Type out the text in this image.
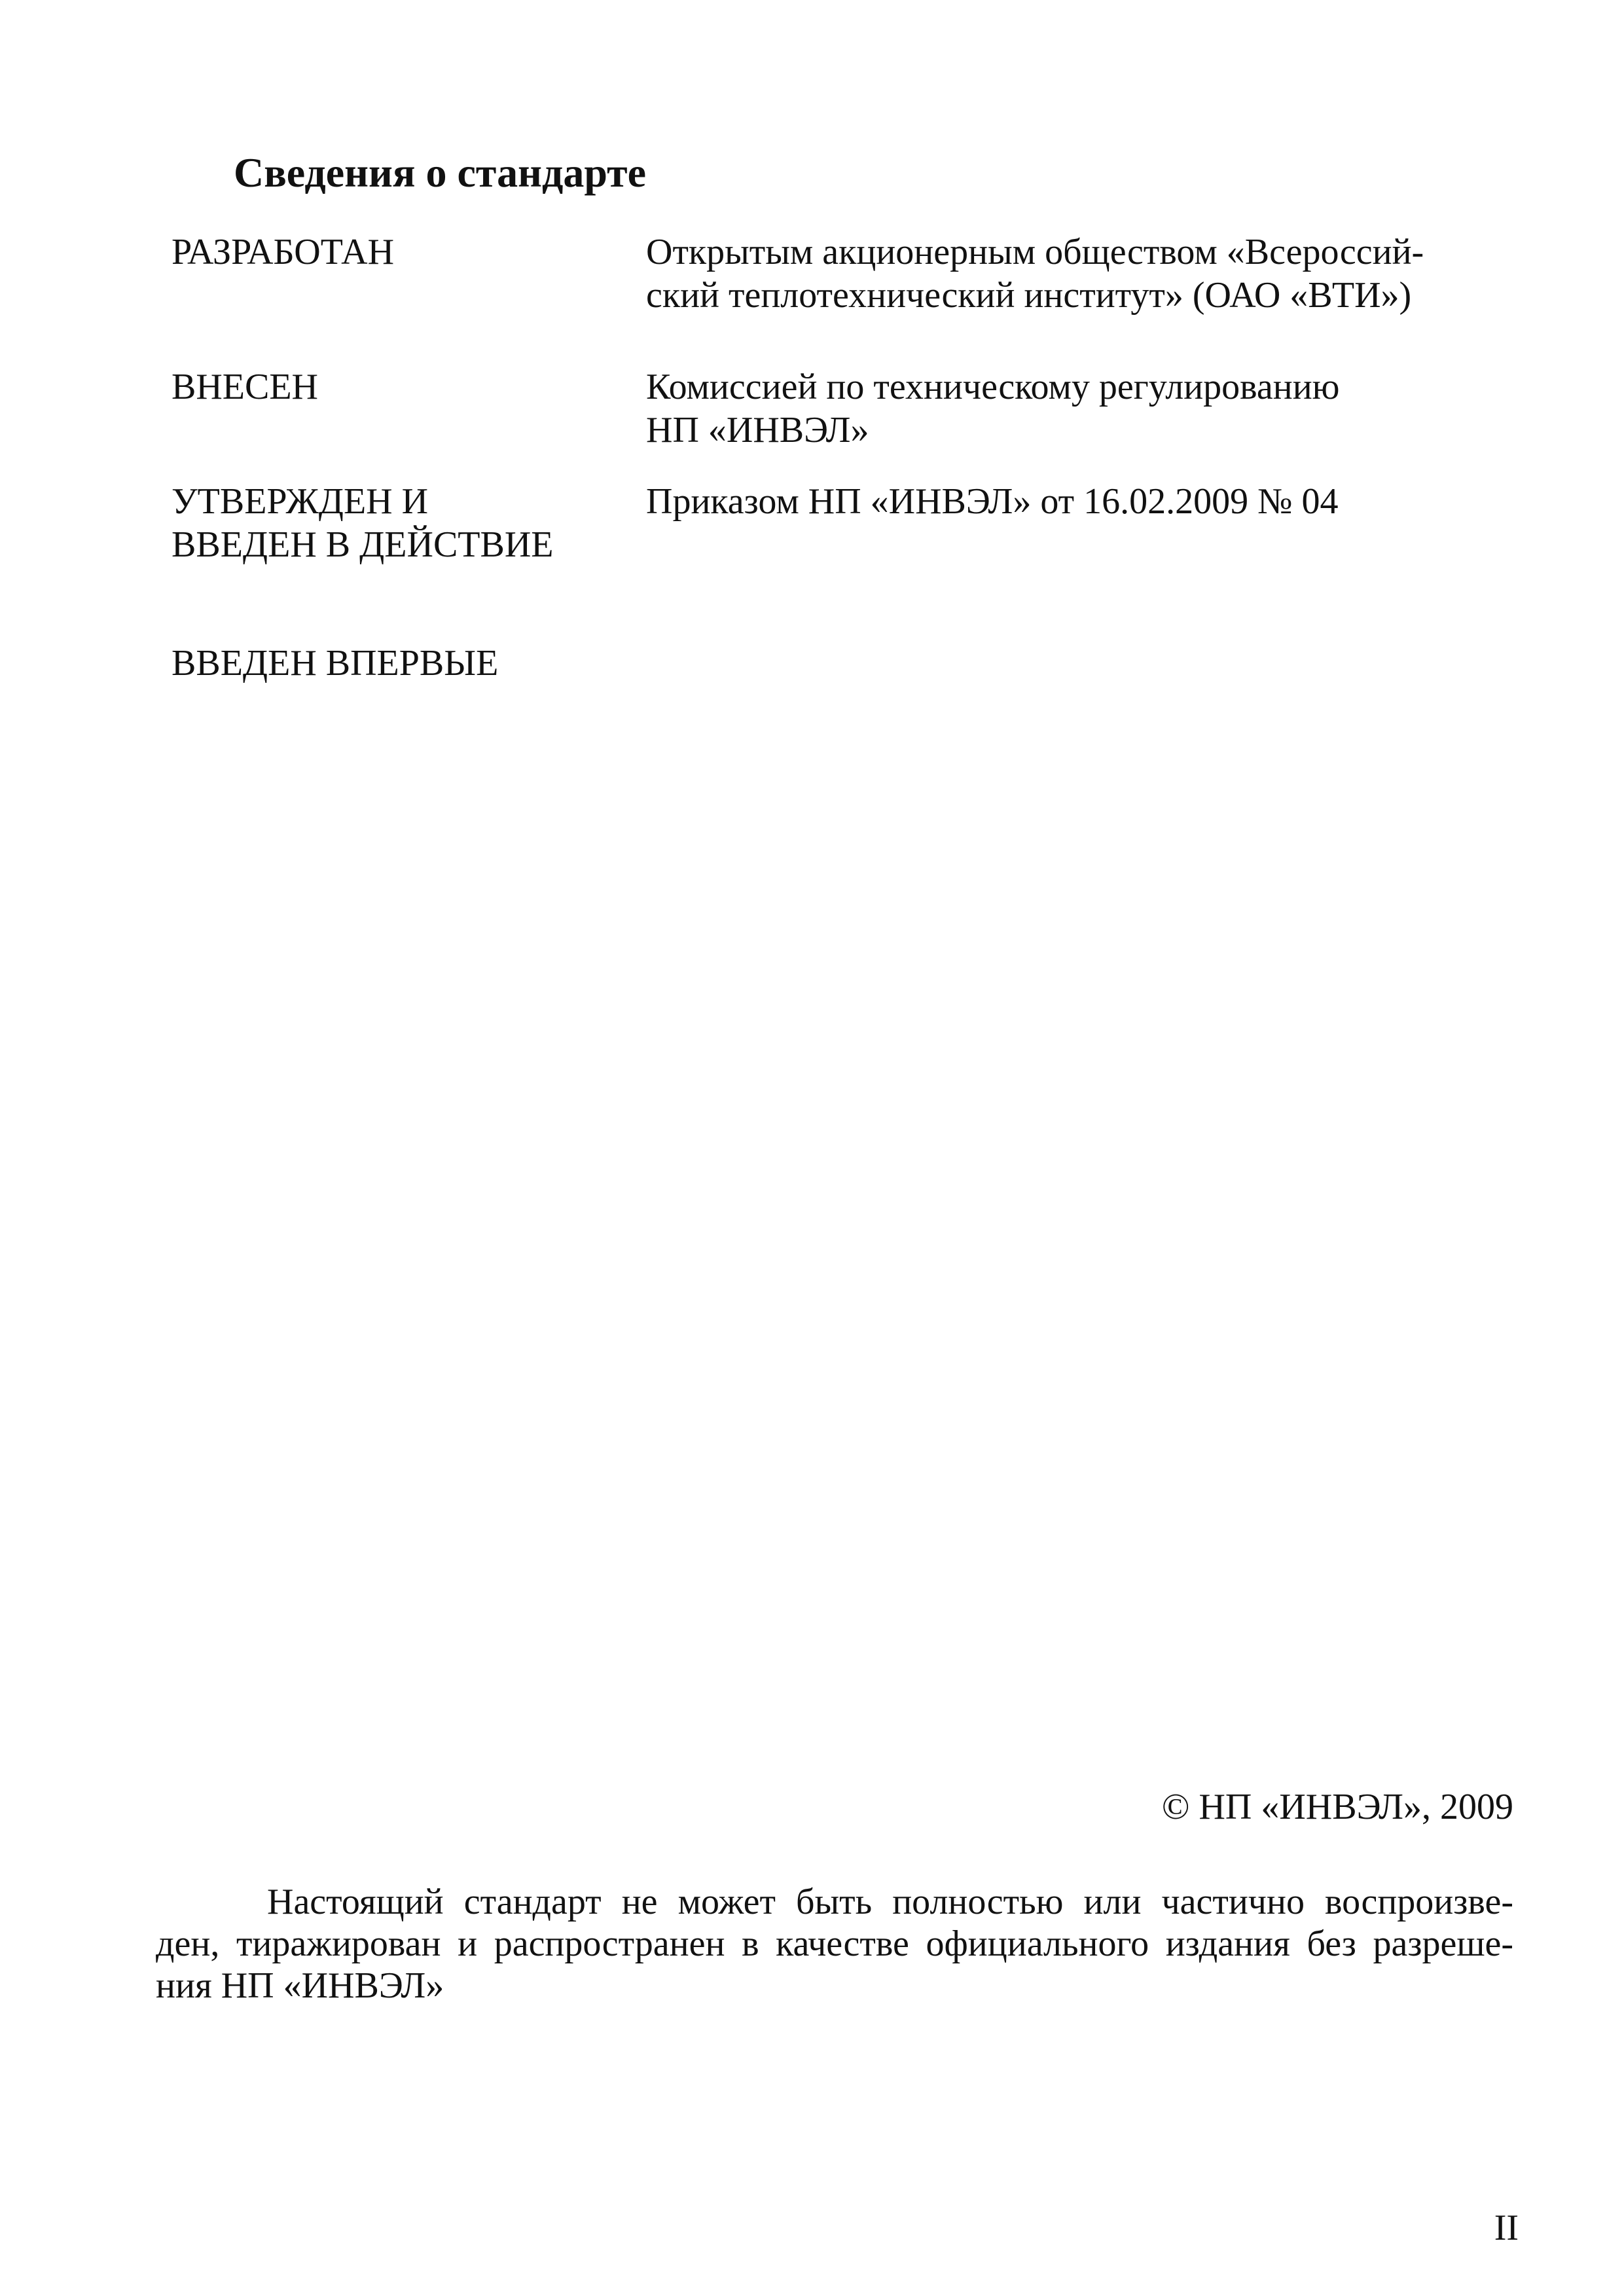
Сведения о стандарте
РАЗРАБОТАН	Открытым акционерным обществом «Всероссий-
ский теплотехнический институт» (ОАО «ВТИ»)
ВНЕСЕН	Комиссией по техническому регулированию
НП «ИНВЭЛ»
УТВЕРЖДЕН И
ВВЕДЕН В ДЕЙСТВИЕ
Приказом НП «ИНВЭЛ» от 16.02.2009 № 04
ВВЕДЕН ВПЕРВЫЕ
© НП «ИНВЭЛ», 2009
Настоящий стандарт не может быть полностью или частично воспроизве-
ден, тиражирован и распространен в качестве официального издания без разреше-
ния НП «ИНВЭЛ»
II
